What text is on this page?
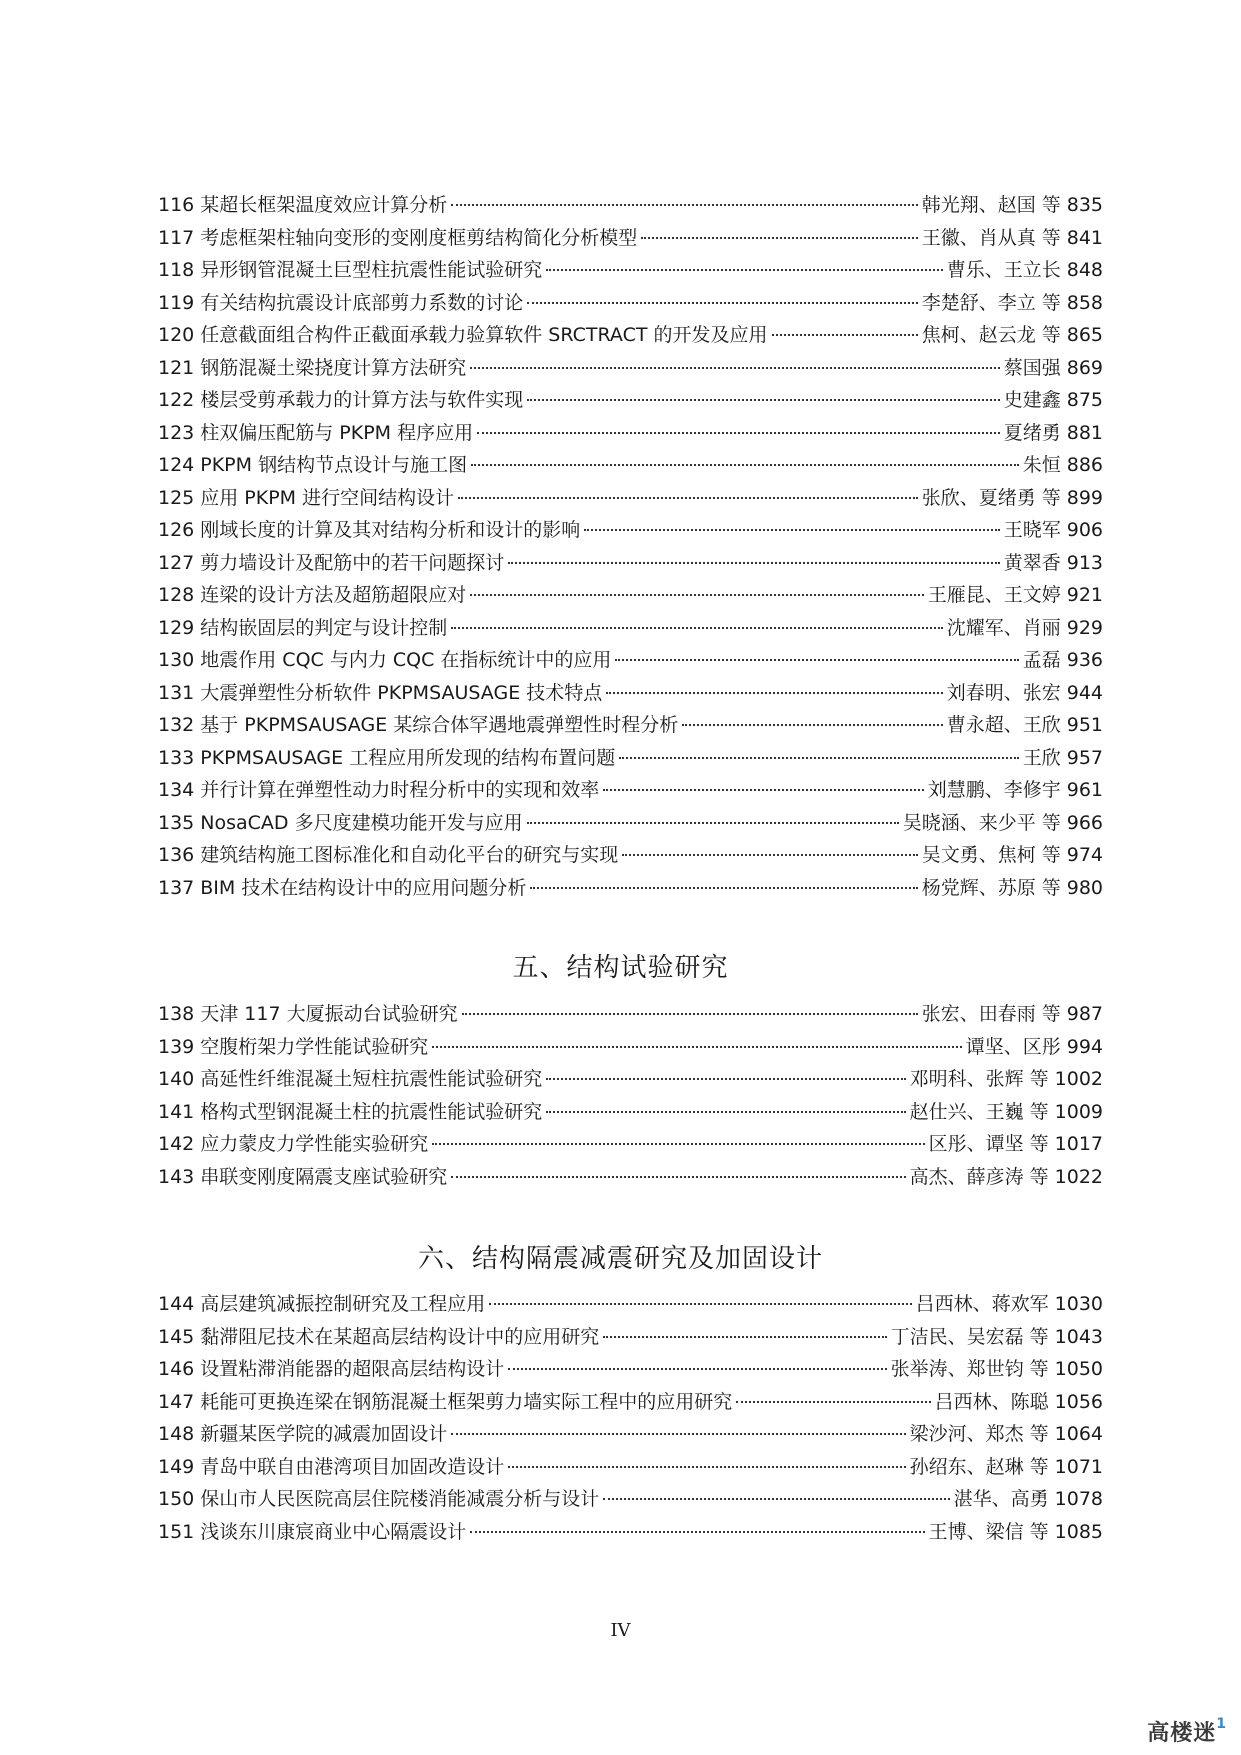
116 某超长框架温度效应计算分析	韩光翔、赵国 等 835
117 考虑框架柱轴向变形的变刚度框剪结构简化分析模型	王徽、肖从真 等 841
118 异形钢管混凝土巨型柱抗震性能试验研究	曹乐、王立长 848
119 有关结构抗震设计底部剪力系数的讨论	李楚舒、李立 等 858
120 任意截面组合构件正截面承载力验算软件 SRCTRACT 的开发及应用	焦柯、赵云龙 等 865
121 钢筋混凝土梁挠度计算方法研究	蔡国强 869
122 楼层受剪承载力的计算方法与软件实现	史建鑫 875
123 柱双偏压配筋与 PKPM 程序应用	夏绪勇 881
124 PKPM 钢结构节点设计与施工图	朱恒 886
125 应用 PKPM 进行空间结构设计	张欣、夏绪勇 等 899
126 刚域长度的计算及其对结构分析和设计的影响	王晓军 906
127 剪力墙设计及配筋中的若干问题探讨	黄翠香 913
128 连梁的设计方法及超筋超限应对	王雁昆、王文婷 921
129 结构嵌固层的判定与设计控制	沈耀军、肖丽 929
130 地震作用 CQC 与内力 CQC 在指标统计中的应用	孟磊 936
131 大震弹塑性分析软件 PKPMSAUSAGE 技术特点	刘春明、张宏 944
132 基于 PKPMSAUSAGE 某综合体罕遇地震弹塑性时程分析	曹永超、王欣 951
133 PKPMSAUSAGE 工程应用所发现的结构布置问题	王欣 957
134 并行计算在弹塑性动力时程分析中的实现和效率	刘慧鹏、李修宇 961
135 NosaCAD 多尺度建模功能开发与应用	吴晓涵、来少平 等 966
136 建筑结构施工图标准化和自动化平台的研究与实现	吴文勇、焦柯 等 974
137 BIM 技术在结构设计中的应用问题分析	杨党辉、苏原 等 980
五、结构试验研究
138 天津 117 大厦振动台试验研究	张宏、田春雨 等 987
139 空腹桁架力学性能试验研究	谭坚、区彤 994
140 高延性纤维混凝土短柱抗震性能试验研究	邓明科、张辉 等 1002
141 格构式型钢混凝土柱的抗震性能试验研究	赵仕兴、王巍 等 1009
142 应力蒙皮力学性能实验研究	区彤、谭坚 等 1017
143 串联变刚度隔震支座试验研究	高杰、薛彦涛 等 1022
六、结构隔震减震研究及加固设计
144 高层建筑减振控制研究及工程应用	吕西林、蒋欢军 1030
145 黏滞阻尼技术在某超高层结构设计中的应用研究	丁洁民、吴宏磊 等 1043
146 设置粘滞消能器的超限高层结构设计	张举涛、郑世钧 等 1050
147 耗能可更换连梁在钢筋混凝土框架剪力墙实际工程中的应用研究	吕西林、陈聪 1056
148 新疆某医学院的减震加固设计	梁沙河、郑杰 等 1064
149 青岛中联自由港湾项目加固改造设计	孙绍东、赵琳 等 1071
150 保山市人民医院高层住院楼消能减震分析与设计	湛华、高勇 1078
151 浅谈东川康宸商业中心隔震设计	王博、梁信 等 1085
IV
高楼迷$^1$
